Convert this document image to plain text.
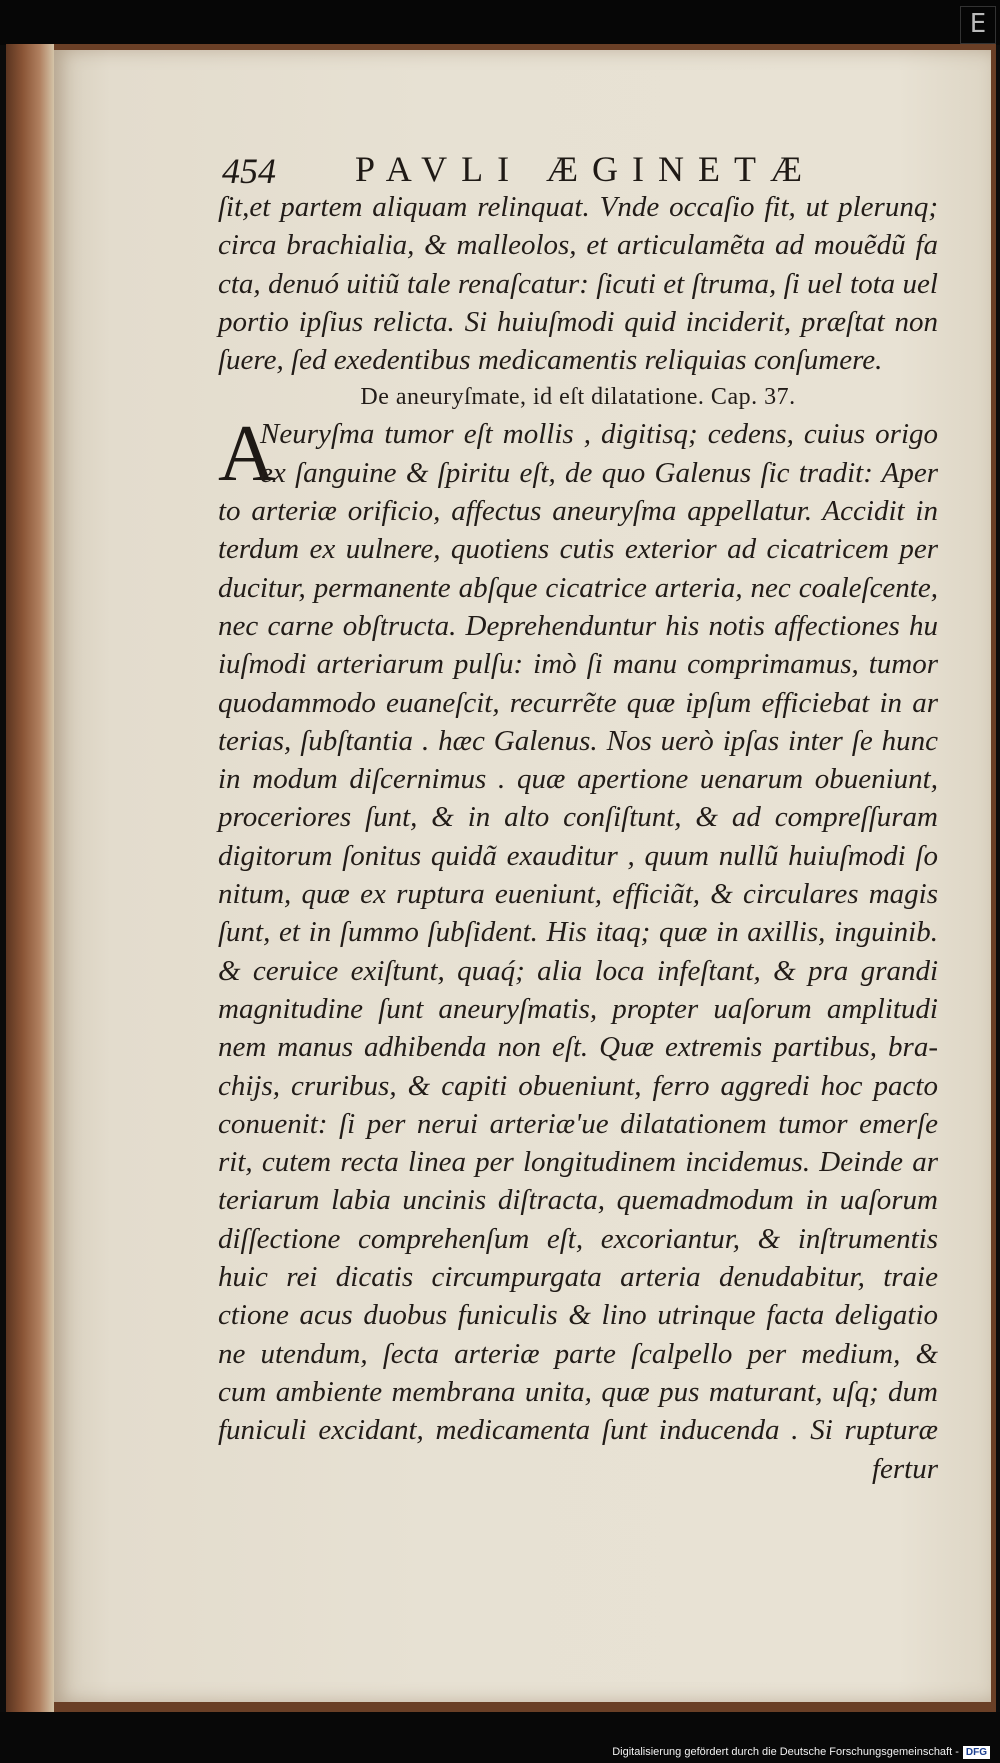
E
454 PAVLI ÆGINETÆ
ſit,et partem aliquam relinquat. Vnde occaſio fit, ut plerunq;
circa brachialia, & malleolos, et articulamẽta ad mouẽdũ fa
cta, denuó uitiũ tale renaſcatur: ſicuti et ſtruma, ſi uel tota uel
portio ipſius relicta. Si huiuſmodi quid inciderit, præſtat non
ſuere, ſed exedentibus medicamentis reliquias conſumere.
De aneuryſmate, id eſt dilatatione. Cap. 37.
A
Neuryſma tumor eſt mollis , digitisq; cedens, cuius origo
ex ſanguine & ſpiritu eſt, de quo Galenus ſic tradit: Aper
to arteriæ orificio, affectus aneuryſma appellatur. Accidit in
terdum ex uulnere, quotiens cutis exterior ad cicatricem per
ducitur, permanente abſque cicatrice arteria, nec coaleſcente,
nec carne obſtructa. Deprehenduntur his notis affectiones hu
iuſmodi arteriarum pulſu: imò ſi manu comprimamus, tumor
quodammodo euaneſcit, recurrẽte quæ ipſum efficiebat in ar
terias, ſubſtantia . hæc Galenus. Nos uerò ipſas inter ſe hunc
in modum diſcernimus . quæ apertione uenarum obueniunt,
proceriores ſunt, & in alto conſiſtunt, & ad compreſſuram
digitorum ſonitus quidã exauditur , quum nullũ huiuſmodi ſo
nitum, quæ ex ruptura eueniunt, efficiãt, & circulares magis
ſunt, et in ſummo ſubſident. His itaq; quæ in axillis, inguinib.
& ceruice exiſtunt, quaq́; alia loca infeſtant, & pra grandi
magnitudine ſunt aneuryſmatis, propter uaſorum amplitudi
nem manus adhibenda non eſt. Quæ extremis partibus, bra-
chijs, cruribus, & capiti obueniunt, ferro aggredi hoc pacto
conuenit: ſi per nerui arteriæ'ue dilatationem tumor emerſe
rit, cutem recta linea per longitudinem incidemus. Deinde ar
teriarum labia uncinis diſtracta, quemadmodum in uaſorum
diſſectione comprehenſum eſt, excoriantur, & inſtrumentis
huic rei dicatis circumpurgata arteria denudabitur, traie
ctione acus duobus funiculis & lino utrinque facta deligatio
ne utendum, ſecta arteriæ parte ſcalpello per medium, &
cum ambiente membrana unita, quæ pus maturant, uſq; dum
funiculi excidant, medicamenta ſunt inducenda . Si rupturæ
fertur
Digitalisierung gefördert durch die Deutsche Forschungsgemeinschaft - DFG
